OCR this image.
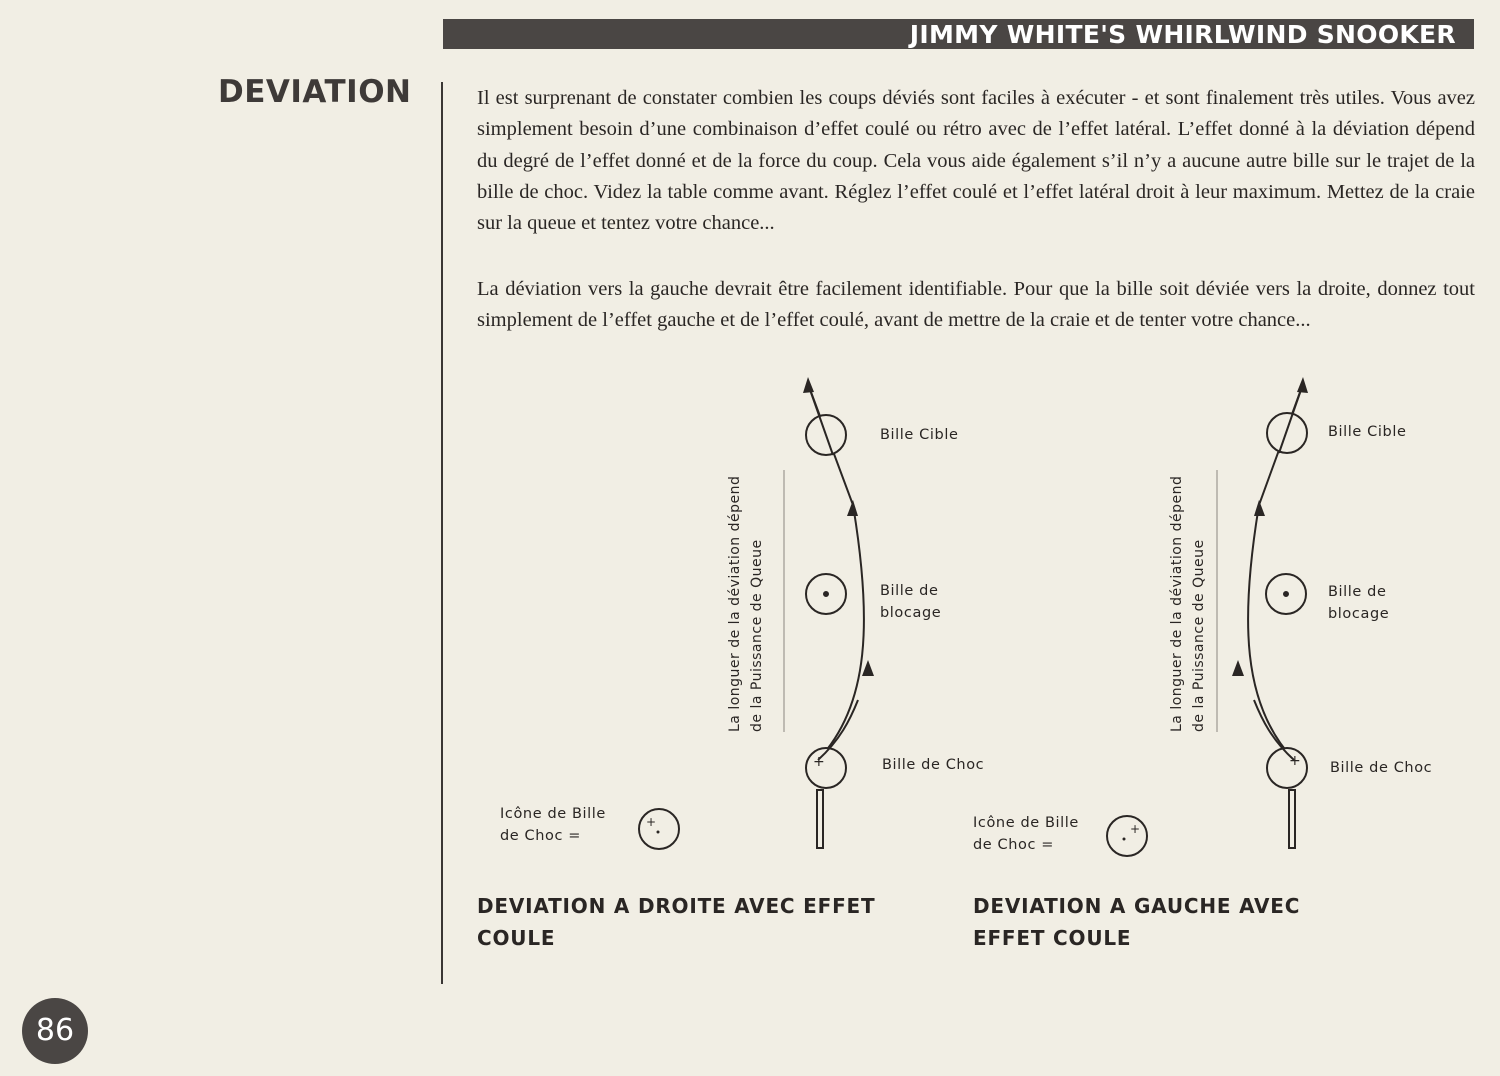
JIMMY WHITE'S WHIRLWIND SNOOKER
DEVIATION	Il est surprenant de constater combien les coups déviés sont faciles à exécuter - et sont finalement très utiles. Vous avez simplement besoin d’une combinaison d’effet coulé ou rétro avec de l’effet latéral. L’effet donné à la déviation dépend du degré de l’effet donné et de la force du coup. Cela vous aide également s’il n’y a aucune autre bille sur le trajet de la bille de choc. Videz la table comme avant. Réglez l’effet coulé et l’effet latéral droit à leur maximum. Mettez de la craie sur la queue et tentez votre chance...

La déviation vers la gauche devrait être facilement identifiable. Pour que la bille soit déviée vers la droite, donnez tout simplement de l’effet gauche et de l’effet coulé, avant de mettre de la craie et de tenter votre chance...

+
+
+
+
La longuer de la déviation dépend de la Puissance de Queue
Bille Cible
Bille de
blocage
Bille de Choc
Icône de Bille
de Choc =
DEVIATION A DROITE AVEC EFFET
COULE
La longuer de la déviation dépend de la Puissance de Queue
Bille Cible
Bille de
blocage
Bille de Choc
Icône de Bille
de Choc =
DEVIATION A GAUCHE AVEC
EFFET COULE
86
